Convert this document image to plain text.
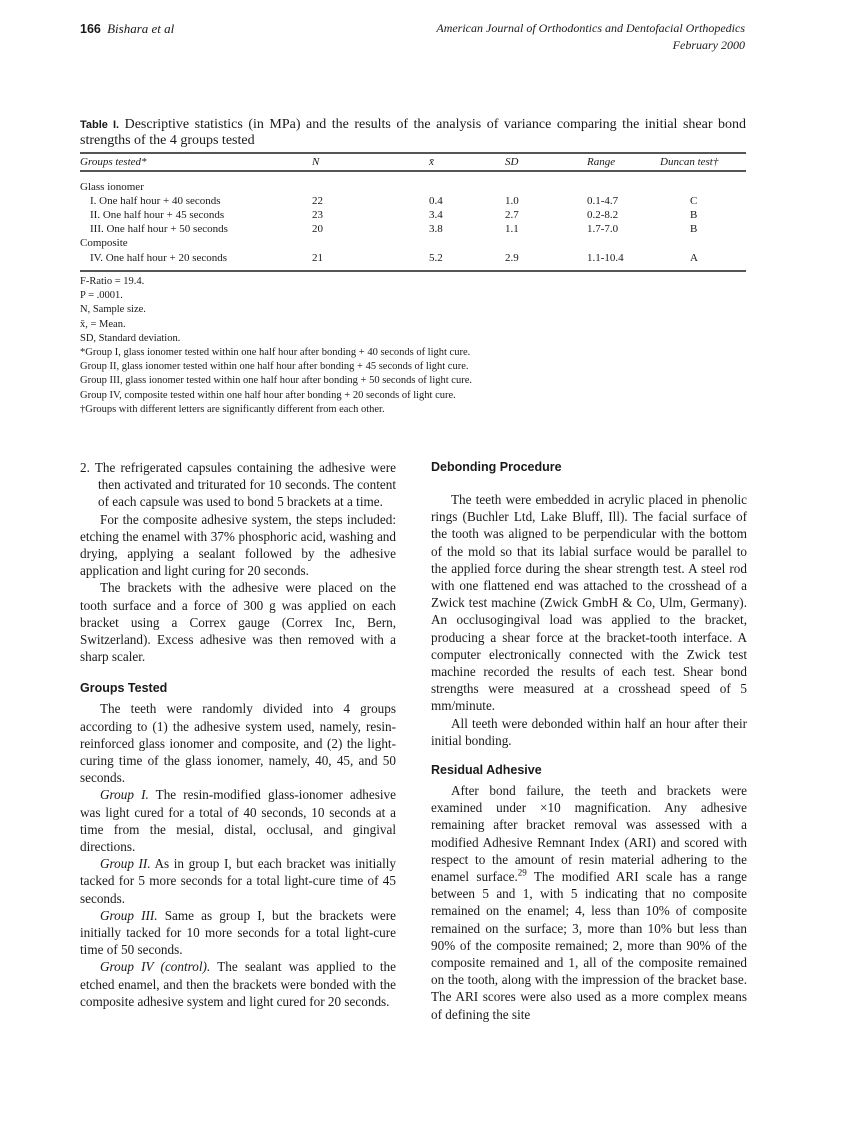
166 Bishara et al	American Journal of Orthodontics and Dentofacial Orthopedics
February 2000
Table I. Descriptive statistics (in MPa) and the results of the analysis of variance comparing the initial shear bond strengths of the 4 groups tested
Groups tested*	N	x̄	SD	Range	Duncan test†
Glass ionomer
I. One half hour + 40 seconds	22	0.4	1.0	0.1-4.7	C
II. One half hour + 45 seconds	23	3.4	2.7	0.2-8.2	B
III. One half hour + 50 seconds	20	3.8	1.1	1.7-7.0	B
Composite
IV. One half hour + 20 seconds	21	5.2	2.9	1.1-10.4	A
F-Ratio = 19.4.
P = .0001.
N, Sample size.
x̄, = Mean.
SD, Standard deviation.
*Group I, glass ionomer tested within one half hour after bonding + 40 seconds of light cure.
Group II, glass ionomer tested within one half hour after bonding + 45 seconds of light cure.
Group III, glass ionomer tested within one half hour after bonding + 50 seconds of light cure.
Group IV, composite tested within one half hour after bonding + 20 seconds of light cure.
†Groups with different letters are significantly different from each other.

2. The refrigerated capsules containing the adhesive were then activated and triturated for 10 seconds. The content of each capsule was used to bond 5 brackets at a time.

For the composite adhesive system, the steps included: etching the enamel with 37% phosphoric acid, washing and drying, applying a sealant followed by the adhesive application and light curing for 20 seconds.

The brackets with the adhesive were placed on the tooth surface and a force of 300 g was applied on each bracket using a Correx gauge (Correx Inc, Bern, Switzerland). Excess adhesive was then removed with a sharp scaler.

Groups Tested

The teeth were randomly divided into 4 groups according to (1) the adhesive system used, namely, resin-reinforced glass ionomer and composite, and (2) the light-curing time of the glass ionomer, namely, 40, 45, and 50 seconds.

Group I. The resin-modified glass-ionomer adhesive was light cured for a total of 40 seconds, 10 seconds at a time from the mesial, distal, occlusal, and gingival directions.

Group II. As in group I, but each bracket was initially tacked for 5 more seconds for a total light-cure time of 45 seconds.

Group III. Same as group I, but the brackets were initially tacked for 10 more seconds for a total light-cure time of 50 seconds.

Group IV (control). The sealant was applied to the etched enamel, and then the brackets were bonded with the composite adhesive system and light cured for 20 seconds.

Debonding Procedure

The teeth were embedded in acrylic placed in phenolic rings (Buchler Ltd, Lake Bluff, Ill). The facial surface of the tooth was aligned to be perpendicular with the bottom of the mold so that its labial surface would be parallel to the applied force during the shear strength test. A steel rod with one flattened end was attached to the crosshead of a Zwick test machine (Zwick GmbH & Co, Ulm, Germany). An occlusogingival load was applied to the bracket, producing a shear force at the bracket-tooth interface. A computer electronically connected with the Zwick test machine recorded the results of each test. Shear bond strengths were measured at a crosshead speed of 5 mm/minute.

All teeth were debonded within half an hour after their initial bonding.

Residual Adhesive

After bond failure, the teeth and brackets were examined under ×10 magnification. Any adhesive remaining after bracket removal was assessed with a modified Adhesive Remnant Index (ARI) and scored with respect to the amount of resin material adhering to the enamel surface.$^{29}$ The modified ARI scale has a range between 5 and 1, with 5 indicating that no composite remained on the enamel; 4, less than 10% of composite remained on the surface; 3, more than 10% but less than 90% of the composite remained; 2, more than 90% of the composite remained and 1, all of the composite remained on the tooth, along with the impression of the bracket base. The ARI scores were also used as a more complex means of defining the site
